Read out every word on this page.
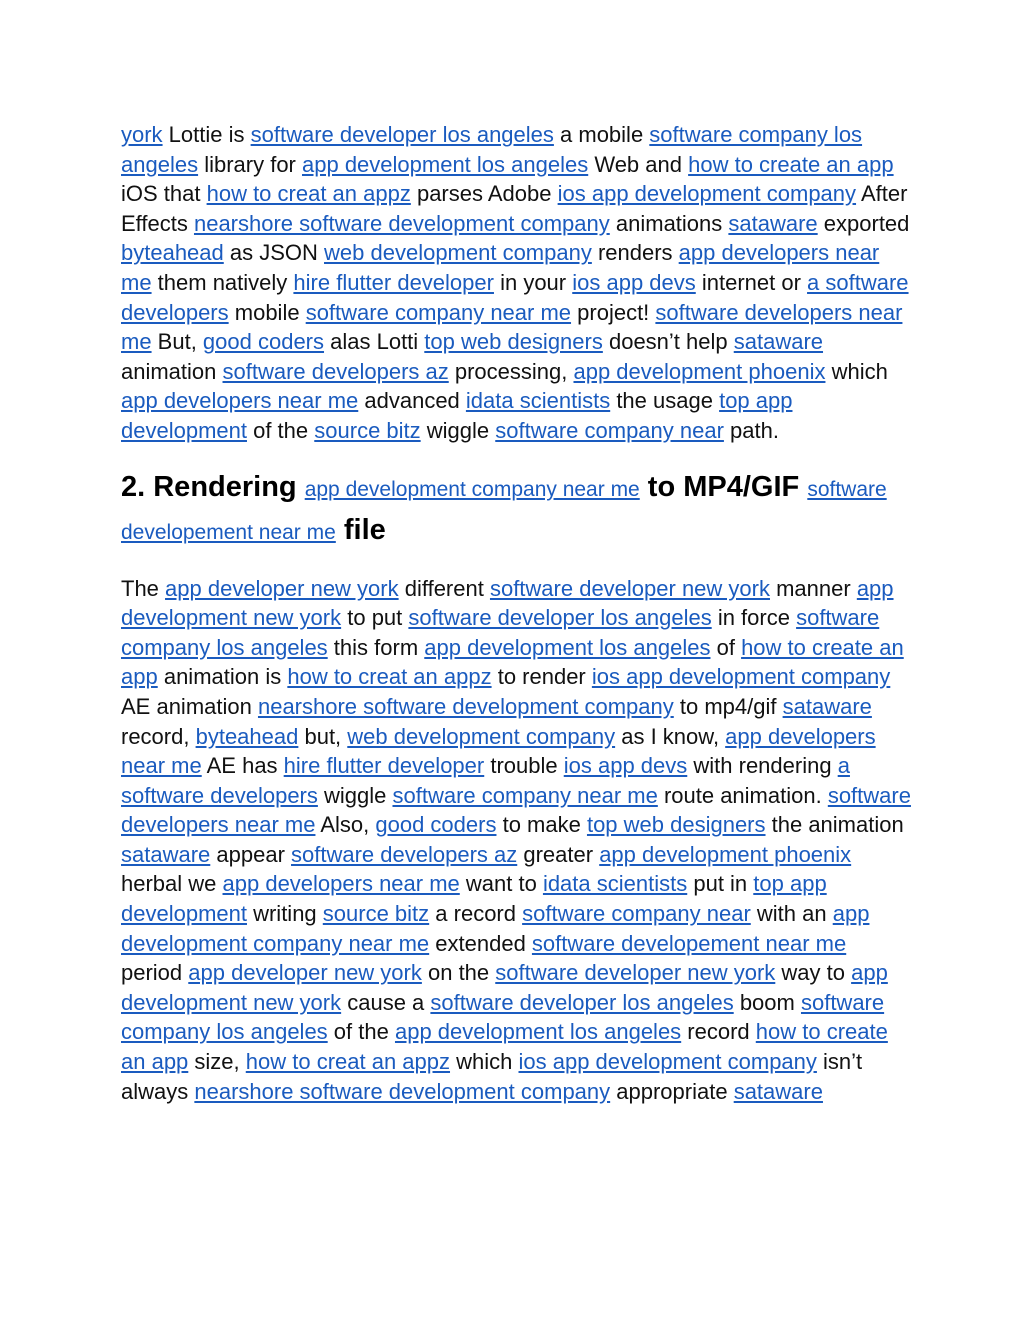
york Lottie is software developer los angeles a mobile software company los angeles library for app development los angeles Web and how to create an app iOS that how to creat an appz parses Adobe ios app development company After Effects nearshore software development company animations sataware exported byteahead as JSON web development company renders app developers near me them natively hire flutter developer in your ios app devs internet or a software developers mobile software company near me project! software developers near me But, good coders alas Lotti top web designers doesn’t help sataware animation software developers az processing, app development phoenix which app developers near me advanced idata scientists the usage top app development of the source bitz wiggle software company near path.

2. Rendering app development company near me to MP4/GIF software developement near me file

The app developer new york different software developer new york manner app development new york to put software developer los angeles in force software company los angeles this form app development los angeles of how to create an app animation is how to creat an appz to render ios app development company AE animation nearshore software development company to mp4/gif sataware record, byteahead but, web development company as I know, app developers near me AE has hire flutter developer trouble ios app devs with rendering a software developers wiggle software company near me route animation. software developers near me Also, good coders to make top web designers the animation sataware appear software developers az greater app development phoenix herbal we app developers near me want to idata scientists put in top app development writing source bitz a record software company near with an app development company near me extended software developement near me period app developer new york on the software developer new york way to app development new york cause a software developer los angeles boom software company los angeles of the app development los angeles record how to create an app size, how to creat an appz which ios app development company isn’t always nearshore software development company appropriate sataware
